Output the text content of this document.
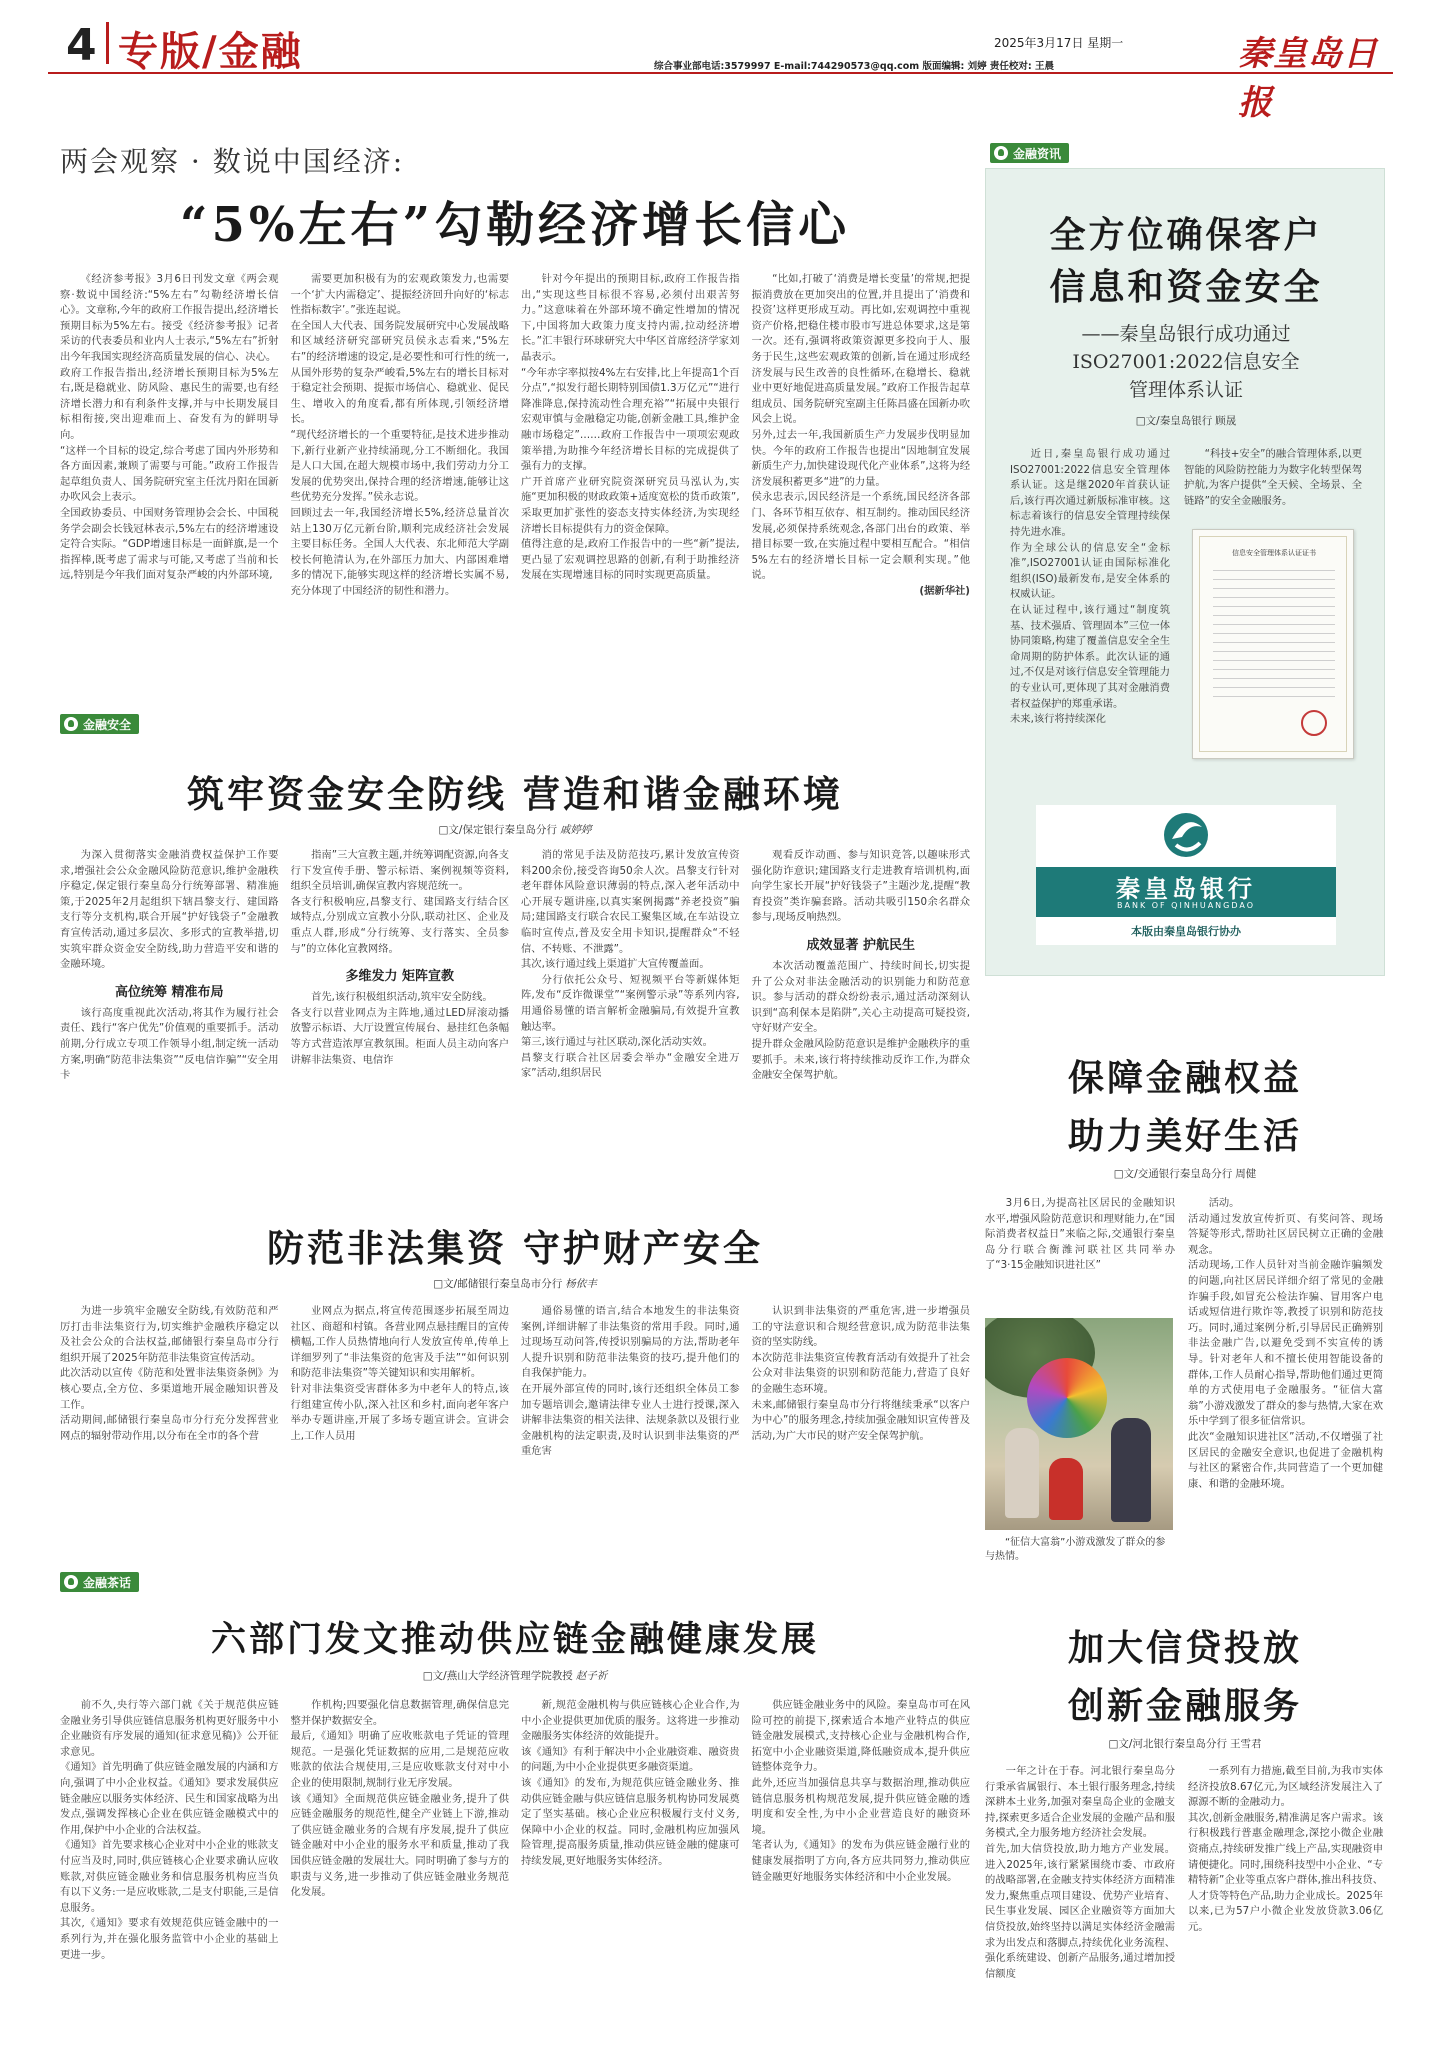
4 专版/金融	2025年3月17日 星期一
综合事业部电话:3579997 E-mail:744290573@qq.com 版面编辑: 刘婷 责任校对: 王晨	秦皇岛日报
两会观察 · 数说中国经济:
“5%左右”勾勒经济增长信心
《经济参考报》3月6日刊发文章《两会观察·数说中国经济:“5%左右”勾勒经济增长信心》。文章称,今年的政府工作报告提出,经济增长预期目标为5%左右。接受《经济参考报》记者采访的代表委员和业内人士表示,“5%左右”折射出今年我国实现经济高质量发展的信心、决心。
政府工作报告指出,经济增长预期目标为5%左右,既是稳就业、防风险、惠民生的需要,也有经济增长潜力和有利条件支撑,并与中长期发展目标相衔接,突出迎难而上、奋发有为的鲜明导向。
“这样一个目标的设定,综合考虑了国内外形势和各方面因素,兼顾了需要与可能。”政府工作报告起草组负责人、国务院研究室主任沈丹阳在国新办吹风会上表示。
全国政协委员、中国财务管理协会会长、中国税务学会副会长钱冠林表示,5%左右的经济增速设定符合实际。“GDP增速目标是一面鲜旗,是一个指挥棒,既考虑了需求与可能,又考虑了当前和长远,特别是今年我们面对复杂严峻的内外部环境,
需要更加积极有为的宏观政策发力,也需要一个‘扩大内需稳定’、提振经济回升向好的‘标志性指标数字’。”张连起说。
在全国人大代表、国务院发展研究中心发展战略和区域经济研究部研究员侯永志看来,“5%左右”的经济增速的设定,是必要性和可行性的统一,从国外形势的复杂严峻看,5%左右的增长目标对于稳定社会预期、提振市场信心、稳就业、促民生、增收入的角度看,都有所体现,引领经济增长。
“现代经济增长的一个重要特征,是技术进步推动下,新行业新产业持续涌现,分工不断细化。我国是人口大国,在超大规模市场中,我们劳动力分工发展的优势突出,保持合理的经济增速,能够让这些优势充分发挥。”侯永志说。
回顾过去一年,我国经济增长5%,经济总量首次站上130万亿元新台阶,顺利完成经济社会发展主要目标任务。全国人大代表、东北师范大学副校长何艳清认为,在外部压力加大、内部困难增多的情况下,能够实现这样的经济增长实属不易,充分体现了中国经济的韧性和潜力。
针对今年提出的预期目标,政府工作报告指出,“实现这些目标很不容易,必须付出艰苦努力。”这意味着在外部环境不确定性增加的情况下,中国将加大政策力度支持内需,拉动经济增长。”汇丰银行环球研究大中华区首席经济学家刘晶表示。
“今年赤字率拟按4%左右安排,比上年提高1个百分点”,“拟发行超长期特别国债1.3万亿元”“进行降准降息,保持流动性合理充裕”“拓展中央银行宏观审慎与金融稳定功能,创新金融工具,维护金融市场稳定”……政府工作报告中一项项宏观政策举措,为助推今年经济增长目标的完成提供了强有力的支撑。
广开首席产业研究院资深研究员马泓认为,实施“更加积极的财政政策+适度宽松的货币政策”,采取更加扩张性的姿态支持实体经济,为实现经济增长目标提供有力的资金保障。
值得注意的是,政府工作报告中的一些“新”提法,更凸显了宏观调控思路的创新,有利于助推经济发展在实现增速目标的同时实现更高质量。
“比如,打破了‘消费是增长变量’的常规,把提振消费放在更加突出的位置,并且提出了‘消费和投资’这样更形成互动。再比如,宏观调控中重视资产价格,把稳住楼市股市写进总体要求,这是第一次。还有,强调将政策资源更多投向于人、服务于民生,这些宏观政策的创新,旨在通过形成经济发展与民生改善的良性循环,在稳增长、稳就业中更好地促进高质量发展。”政府工作报告起草组成员、国务院研究室副主任陈昌盛在国新办吹风会上说。
另外,过去一年,我国新质生产力发展步伐明显加快。今年的政府工作报告也提出“因地制宜发展新质生产力,加快建设现代化产业体系”,这将为经济发展积蓄更多“进”的力量。
侯永忠表示,因民经济是一个系统,国民经济各部门、各环节相互依存、相互制约。推动国民经济发展,必须保持系统观念,各部门出台的政策、举措目标要一致,在实施过程中要相互配合。“相信5%左右的经济增长目标一定会顺利实现。”他说。
(据新华社)
金融安全
筑牢资金安全防线 营造和谐金融环境
□文/保定银行秦皇岛分行 戚婷婷
为深入贯彻落实金融消费权益保护工作要求,增强社会公众金融风险防范意识,维护金融秩序稳定,保定银行秦皇岛分行统筹部署、精准施策,于2025年2月起组织下辖昌黎支行、建国路支行等分支机构,联合开展“护好钱袋子”金融教育宣传活动,通过多层次、多形式的宣教举措,切实筑牢群众资金安全防线,助力营造平安和谐的金融环境。
高位统筹 精准布局
该行高度重视此次活动,将其作为履行社会责任、践行“客户优先”价值观的重要抓手。活动前期,分行成立专项工作领导小组,制定统一活动方案,明确“防范非法集资”“反电信诈骗”“安全用卡
指南”三大宣教主题,并统筹调配资源,向各支行下发宣传手册、警示标语、案例视频等资料,组织全员培训,确保宣教内容规范统一。
各支行积极响应,昌黎支行、建国路支行结合区域特点,分别成立宣教小分队,联动社区、企业及重点人群,形成“分行统筹、支行落实、全员参与”的立体化宣教网络。
多维发力 矩阵宣教
首先,该行积极组织活动,筑牢安全防线。
各支行以营业网点为主阵地,通过LED屏滚动播放警示标语、大厅设置宣传展台、悬挂红色条幅等方式营造浓厚宣教氛围。柜面人员主动向客户讲解非法集资、电信诈
消的常见手法及防范技巧,累计发放宣传资料200余份,接受咨询50余人次。昌黎支行针对老年群体风险意识薄弱的特点,深入老年活动中心开展专题讲座,以真实案例揭露“养老投资”骗局;建国路支行联合农民工聚集区域,在车站设立临时宣传点,普及安全用卡知识,提醒群众“不轻信、不转账、不泄露”。
其次,该行通过线上渠道扩大宣传覆盖面。
分行依托公众号、短视频平台等新媒体矩阵,发布“反诈微课堂”“案例警示录”等系列内容,用通俗易懂的语言解析金融骗局,有效提升宣教触达率。
第三,该行通过与社区联动,深化活动实效。
昌黎支行联合社区居委会举办“金融安全进万家”活动,组织居民
观看反诈动画、参与知识竞答,以趣味形式强化防诈意识;建国路支行走进教育培训机构,面向学生家长开展“护好钱袋子”主题沙龙,提醒“教育投资”类诈骗套路。活动共吸引150余名群众参与,现场反响热烈。
成效显著 护航民生
本次活动覆盖范围广、持续时间长,切实提升了公众对非法金融活动的识别能力和防范意识。参与活动的群众纷纷表示,通过活动深刻认识到“高利保本是陷阱”,关心主动提高可疑投资,守好财产安全。
提升群众金融风险防范意识是维护金融秩序的重要抓手。未来,该行将持续推动反诈工作,为群众金融安全保驾护航。
防范非法集资 守护财产安全
□文/邮储银行秦皇岛市分行 杨依丰
为进一步筑牢金融安全防线,有效防范和严厉打击非法集资行为,切实维护金融秩序稳定以及社会公众的合法权益,邮储银行秦皇岛市分行组织开展了2025年防范非法集资宣传活动。
此次活动以宣传《防范和处置非法集资条例》为核心要点,全方位、多渠道地开展金融知识普及工作。
活动期间,邮储银行秦皇岛市分行充分发挥营业网点的辐射带动作用,以分布在全市的各个营
业网点为据点,将宣传范围逐步拓展至周边社区、商超和村镇。各营业网点悬挂醒目的宣传横幅,工作人员热情地向行人发放宣传单,传单上详细罗列了“非法集资的危害及手法”“如何识别和防范非法集资”等关键知识和实用解析。
针对非法集资受害群体多为中老年人的特点,该行组建宣传小队,深入社区和乡村,面向老年客户举办专题讲座,开展了多场专题宣讲会。宣讲会上,工作人员用
通俗易懂的语言,结合本地发生的非法集资案例,详细讲解了非法集资的常用手段。同时,通过现场互动问答,传授识别骗局的方法,帮助老年人提升识别和防范非法集资的技巧,提升他们的自我保护能力。
在开展外部宣传的同时,该行还组织全体员工参加专题培训会,邀请法律专业人士进行授课,深入讲解非法集资的相关法律、法规条款以及银行业金融机构的法定职责,及时认识到非法集资的严重危害
认识到非法集资的严重危害,进一步增强员工的守法意识和合规经营意识,成为防范非法集资的坚实防线。
本次防范非法集资宣传教育活动有效提升了社会公众对非法集资的识别和防范能力,营造了良好的金融生态环境。
未来,邮储银行秦皇岛市分行将继续秉承“以客户为中心”的服务理念,持续加强金融知识宣传普及活动,为广大市民的财产安全保驾护航。
金融茶话
六部门发文推动供应链金融健康发展
□文/燕山大学经济管理学院教授 赵子祈
前不久,央行等六部门就《关于规范供应链金融业务引导供应链信息服务机构更好服务中小企业融资有序发展的通知(征求意见稿)》公开征求意见。
《通知》首先明确了供应链金融发展的内涵和方向,强调了中小企业权益。《通知》要求发展供应链金融应以服务实体经济、民生和国家战略为出发点,强调发挥核心企业在供应链金融模式中的作用,保护中小企业的合法权益。
《通知》首先要求核心企业对中小企业的账款支付应当及时,同时,供应链核心企业要求确认应收账款,对供应链金融业务和信息服务机构应当负有以下义务:一是应收账款,二是支付职能,三是信息服务。
其次,《通知》要求有效规范供应链金融中的一系列行为,并在强化服务监管中小企业的基础上更进一步。
作机构;四要强化信息数据管理,确保信息完整并保护数据安全。
最后,《通知》明确了应收账款电子凭证的管理规范。一是强化凭证数据的应用,二是规范应收账款的依法合规使用,三是应收账款支付对中小企业的使用限制,规制行业无序发展。
该《通知》全面规范供应链金融业务,提升了供应链金融服务的规范性,健全产业链上下游,推动了供应链金融业务的合规有序发展,提升了供应链金融对中小企业的服务水平和质量,推动了我国供应链金融的发展壮大。同时明确了参与方的职责与义务,进一步推动了供应链金融业务规范化发展。
新,规范金融机构与供应链核心企业合作,为中小企业提供更加优质的服务。这将进一步推动金融服务实体经济的效能提升。
该《通知》有利于解决中小企业融资难、融资贵的问题,为中小企业提供更多融资渠道。
该《通知》的发布,为规范供应链金融业务、推动供应链金融与供应链信息服务机构协同发展奠定了坚实基础。核心企业应积极履行支付义务,保障中小企业的权益。同时,金融机构应加强风险管理,提高服务质量,推动供应链金融的健康可持续发展,更好地服务实体经济。
供应链金融业务中的风险。秦皇岛市可在风险可控的前提下,探索适合本地产业特点的供应链金融发展模式,支持核心企业与金融机构合作,拓宽中小企业融资渠道,降低融资成本,提升供应链整体竞争力。
此外,还应当加强信息共享与数据治理,推动供应链信息服务机构规范发展,提升供应链金融的透明度和安全性,为中小企业营造良好的融资环境。
笔者认为,《通知》的发布为供应链金融行业的健康发展指明了方向,各方应共同努力,推动供应链金融更好地服务实体经济和中小企业发展。
金融资讯
全方位确保客户
信息和资金安全
——秦皇岛银行成功通过
ISO27001:2022信息安全
管理体系认证
□文/秦皇岛银行 顾晟
近日,秦皇岛银行成功通过ISO27001:2022信息安全管理体系认证。这是继2020年首获认证后,该行再次通过新版标准审核。这标志着该行的信息安全管理持续保持先进水准。
作为全球公认的信息安全“金标准”,ISO27001认证由国际标准化组织(ISO)最新发布,是安全体系的权威认证。
在认证过程中,该行通过“制度筑基、技术强盾、管理固本”三位一体协同策略,构建了覆盖信息安全全生命周期的防护体系。此次认证的通过,不仅是对该行信息安全管理能力的专业认可,更体现了其对金融消费者权益保护的郑重承诺。
未来,该行将持续深化
“科技+安全”的融合管理体系,以更智能的风险防控能力为数字化转型保驾护航,为客户提供“全天候、全场景、全链路”的安全金融服务。
信息安全管理体系认证证书
秦皇岛银行
BANK OF QINHUANGDAO
本版由秦皇岛银行协办
保障金融权益
助力美好生活
□文/交通银行秦皇岛分行 周健
3月6日,为提高社区居民的金融知识水平,增强风险防范意识和理财能力,在“国际消费者权益日”来临之际,交通银行秦皇岛分行联合衡潍河联社区共同举办了“3·15金融知识进社区”
“征信大富翁”小游戏激发了群众的参与热情。
活动。
活动通过发放宣传折页、有奖问答、现场答疑等形式,帮助社区居民树立正确的金融观念。
活动现场,工作人员针对当前金融诈骗频发的问题,向社区居民详细介绍了常见的金融诈骗手段,如冒充公检法诈骗、冒用客户电话或短信进行欺诈等,教授了识别和防范技巧。同时,通过案例分析,引导居民正确辨别非法金融广告,以避免受到不实宣传的诱导。针对老年人和不擅长使用智能设备的群体,工作人员耐心指导,帮助他们通过更简单的方式使用电子金融服务。“征信大富翁”小游戏激发了群众的参与热情,大家在欢乐中学到了很多征信常识。
此次“金融知识进社区”活动,不仅增强了社区居民的金融安全意识,也促进了金融机构与社区的紧密合作,共同营造了一个更加健康、和谐的金融环境。
加大信贷投放
创新金融服务
□文/河北银行秦皇岛分行 王雪君
一年之计在于春。河北银行秦皇岛分行秉承省属银行、本土银行服务理念,持续深耕本土业务,加强对秦皇岛企业的金融支持,探索更多适合企业发展的金融产品和服务模式,全力服务地方经济社会发展。
首先,加大信贷投放,助力地方产业发展。进入2025年,该行紧紧围绕市委、市政府的战略部署,在金融支持实体经济方面精准发力,聚焦重点项目建设、优势产业培育、民生事业发展、园区企业融资等方面加大信贷投放,始终坚持以满足实体经济金融需求为出发点和落脚点,持续优化业务流程、强化系统建设、创新产品服务,通过增加授信额度
一系列有力措施,截至目前,为我市实体经济投放8.67亿元,为区域经济发展注入了源源不断的金融动力。
其次,创新金融服务,精准满足客户需求。该行积极践行普惠金融理念,深挖小微企业融资痛点,持续研发推广线上产品,实现融资申请便捷化。同时,围绕科技型中小企业、“专精特新”企业等重点客户群体,推出科技贷、人才贷等特色产品,助力企业成长。2025年以来,已为57户小微企业发放贷款3.06亿元。
